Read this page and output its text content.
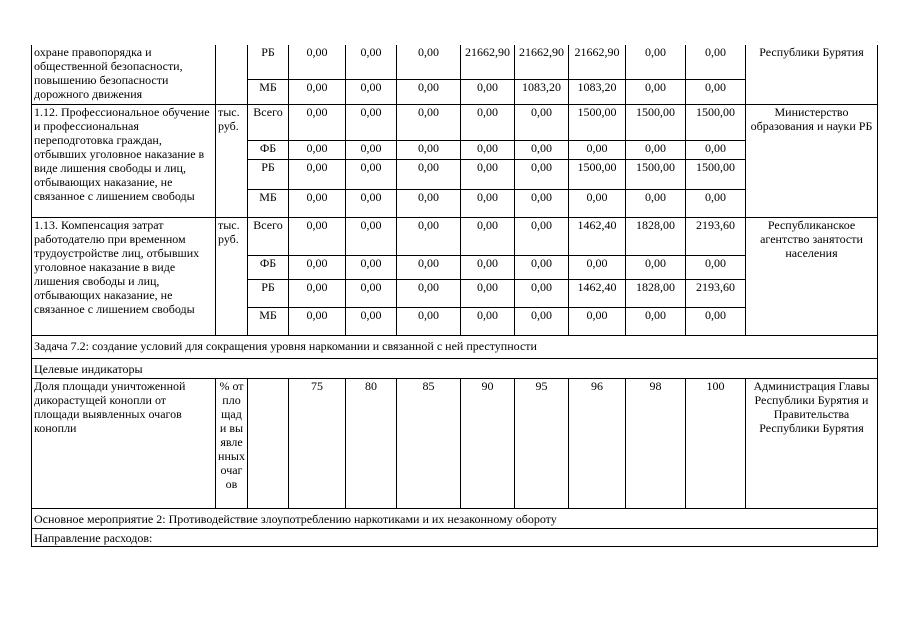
охране правопорядка и общественной безопасности, повышению безопасности дорожного движения		РБ	0,00	0,00	0,00	21662,90	21662,90	21662,90	0,00	0,00	Республики Бурятия
		МБ	0,00	0,00	0,00	0,00	1083,20	1083,20	0,00	0,00	
1.12. Профессиональное обучение и профессиональная переподготовка граждан, отбывших уголовное наказание в виде лишения свободы и лиц, отбывающих наказание, не связанное с лишением свободы	тыс. руб.	Всего	0,00	0,00	0,00	0,00	0,00	1500,00	1500,00	1500,00	Министерство образования и науки РБ
		ФБ	0,00	0,00	0,00	0,00	0,00	0,00	0,00	0,00	
		РБ	0,00	0,00	0,00	0,00	0,00	1500,00	1500,00	1500,00	
		МБ	0,00	0,00	0,00	0,00	0,00	0,00	0,00	0,00	
1.13. Компенсация затрат работодателю при временном трудоустройстве лиц, отбывших уголовное наказание в виде лишения свободы и лиц, отбывающих наказание, не связанное с лишением свободы	тыс. руб.	Всего	0,00	0,00	0,00	0,00	0,00	1462,40	1828,00	2193,60	Республиканское агентство занятости населения
		ФБ	0,00	0,00	0,00	0,00	0,00	0,00	0,00	0,00	
		РБ	0,00	0,00	0,00	0,00	0,00	1462,40	1828,00	2193,60	
		МБ	0,00	0,00	0,00	0,00	0,00	0,00	0,00	0,00	
Задача 7.2: создание условий для сокращения уровня наркомании и связанной с ней преступности											
Целевые индикаторы											
Доля площади уничтоженной дикорастущей конопли от площади выявленных очагов конопли	% от площади выявленных очагов		75	80	85	90	95	96	98	100	Администрация Главы Республики Бурятия и Правительства Республики Бурятия
Основное мероприятие 2: Противодействие злоупотреблению наркотиками и их незаконному обороту											
Направление расходов:											
